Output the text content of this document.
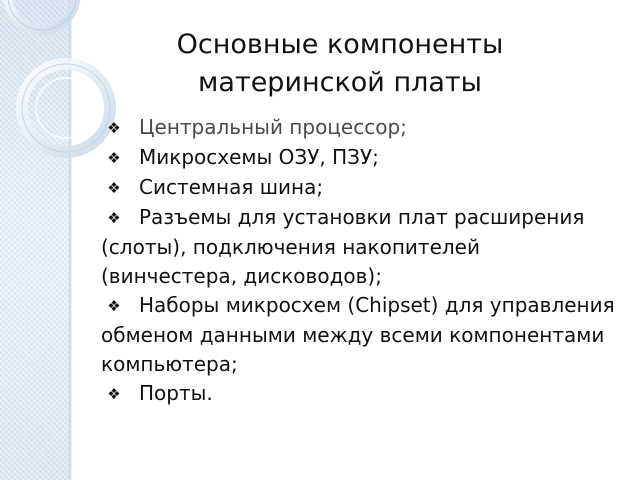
Основные компоненты
материнской платы
❖ Центральный процессор;
❖ Микросхемы ОЗУ, ПЗУ;
❖ Системная шина;
❖ Разъемы для установки плат расширения (слоты), подключения накопителей (винчестера, дисководов);
❖ Наборы микросхем (Chipset) для управления обменом данными между всеми компонентами компьютера;
❖ Порты.
